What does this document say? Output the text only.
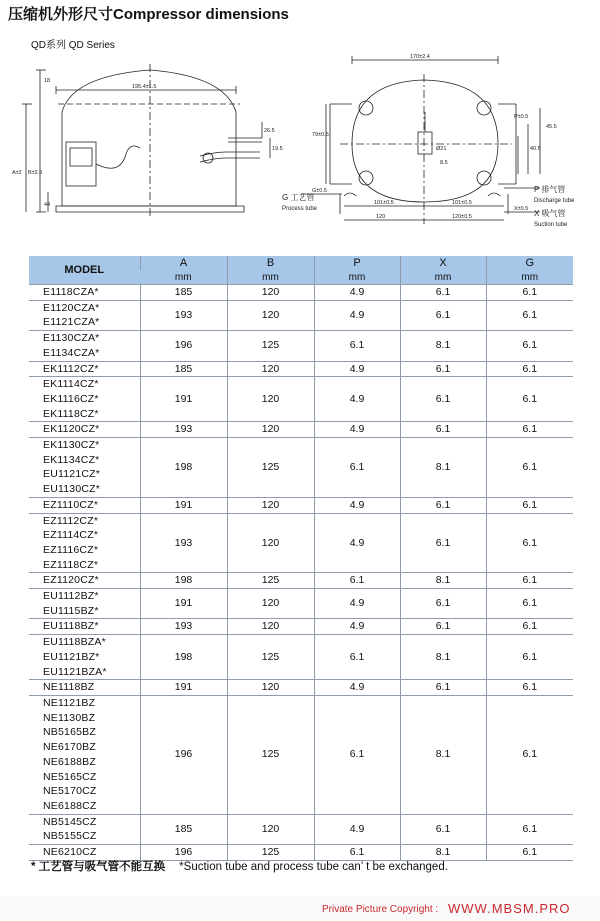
压缩机外形尺寸Compressor dimensions
195.4±1.5
18
19.5
26.5
B±2.5
A±2
44
170±2.4
Ø21
P±0.5
G±0.5
X±0.5
101±0.5	101±0.5
120	120±0.5
8.5
79±0.5
45.5
40.5
G 工艺管
Process tube
P 排气管
Discharge tube
X 吸气管
Suction tube
QD系列 QD Series
MODEL	A	B	P	X	G
	mm	mm	mm	mm	mm
E1118CZA*	185	120	4.9	6.1	6.1
E1120CZA*	193	120	4.9	6.1	6.1
E1121CZA*					
E1130CZA*	196	125	6.1	8.1	6.1
E1134CZA*					
EK1112CZ*	185	120	4.9	6.1	6.1
EK1114CZ*	191	120	4.9	6.1	6.1
EK1116CZ*					
EK1118CZ*					
EK1120CZ*	193	120	4.9	6.1	6.1
EK1130CZ*	198	125	6.1	8.1	6.1
EK1134CZ*					
EU1121CZ*					
EU1130CZ*					
EZ1110CZ*	191	120	4.9	6.1	6.1
EZ1112CZ*	193	120	4.9	6.1	6.1
EZ1114CZ*					
EZ1116CZ*					
EZ1118CZ*					
EZ1120CZ*	198	125	6.1	8.1	6.1
EU1112BZ*	191	120	4.9	6.1	6.1
EU1115BZ*					
EU1118BZ*	193	120	4.9	6.1	6.1
EU1118BZA*	198	125	6.1	8.1	6.1
EU1121BZ*					
EU1121BZA*					
NE1118BZ	191	120	4.9	6.1	6.1
NE1121BZ	196	125	6.1	8.1	6.1
NE1130BZ					
NB5165BZ					
NE6170BZ					
NE6188BZ					
NE5165CZ					
NE5170CZ					
NE6188CZ					
NB5145CZ	185	120	4.9	6.1	6.1
NB5155CZ					
NE6210CZ	196	125	6.1	8.1	6.1
* 工艺管与吸气管不能互换 *Suction tube and process tube can’ t be exchanged.
Private Picture Copyright : WWW.MBSM.PRO
